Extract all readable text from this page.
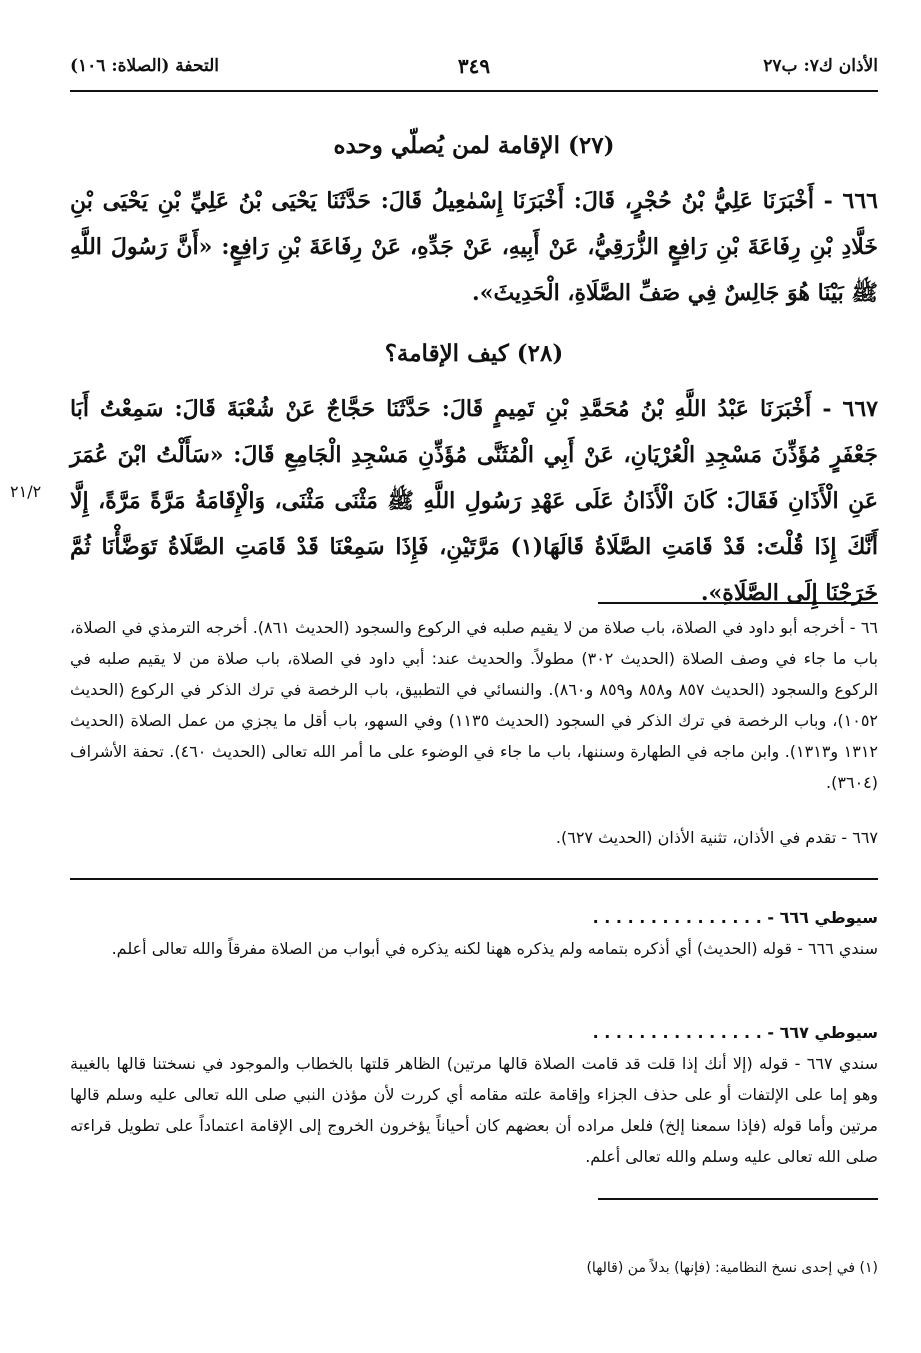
الأذان ك٧: ب٢٧
٣٤٩
التحفة (الصلاة: ١٠٦)
(٢٧) الإقامة لمن يُصلّي وحده

٦٦٦ - أَخْبَرَنَا عَلِيُّ بْنُ حُجْرٍ، قَالَ: أَخْبَرَنَا إِسْمٰعِيلُ قَالَ: حَدَّثَنَا يَحْيَى بْنُ عَلِيِّ بْنِ يَحْيَى بْنِ خَلَّادِ بْنِ رِفَاعَةَ بْنِ رَافِعٍ الزُّرَقِيُّ، عَنْ أَبِيهِ، عَنْ جَدِّهِ، عَنْ رِفَاعَةَ بْنِ رَافِعٍ: «أَنَّ رَسُولَ اللَّهِ ﷺ بَيْنَا هُوَ جَالِسٌ فِي صَفِّ الصَّلَاةِ، الْحَدِيثَ».

(٢٨) كيف الإقامة؟

٦٦٧ - أَخْبَرَنَا عَبْدُ اللَّهِ بْنُ مُحَمَّدِ بْنِ تَمِيمٍ قَالَ: حَدَّثَنَا حَجَّاجٌ عَنْ شُعْبَةَ قَالَ: سَمِعْتُ أَبَا جَعْفَرٍ مُؤَذِّنَ مَسْجِدِ الْعُرْيَانِ، عَنْ أَبِي الْمُثَنَّى مُؤَذِّنِ مَسْجِدِ الْجَامِعِ قَالَ: «سَأَلْتُ ابْنَ عُمَرَ عَنِ الْأَذَانِ فَقَالَ: كَانَ الْأَذَانُ عَلَى عَهْدِ رَسُولِ اللَّهِ ﷺ مَثْنَى مَثْنَى، وَالْإِقَامَةُ مَرَّةً مَرَّةً، إِلَّا أَنَّكَ إِذَا قُلْتَ: قَدْ قَامَتِ الصَّلَاةُ قَالَهَا(١) مَرَّتَيْنِ، فَإِذَا سَمِعْنَا قَدْ قَامَتِ الصَّلَاةُ تَوَضَّأْنَا ثُمَّ خَرَجْنَا إِلَى الصَّلَاةِ».

٢١/٢

٦٦ - أخرجه أبو داود في الصلاة، باب صلاة من لا يقيم صلبه في الركوع والسجود (الحديث ٨٦١). أخرجه الترمذي في الصلاة، باب ما جاء في وصف الصلاة (الحديث ٣٠٢) مطولاً. والحديث عند: أبي داود في الصلاة، باب صلاة من لا يقيم صلبه في الركوع والسجود (الحديث ٨٥٧ و٨٥٨ و٨٥٩ و٨٦٠). والنسائي في التطبيق، باب الرخصة في ترك الذكر في الركوع (الحديث ١٠٥٢)، وباب الرخصة في ترك الذكر في السجود (الحديث ١١٣٥) وفي السهو، باب أقل ما يجزي من عمل الصلاة (الحديث ١٣١٢ و١٣١٣). وابن ماجه في الطهارة وسننها، باب ما جاء في الوضوء على ما أمر الله تعالى (الحديث ٤٦٠). تحفة الأشراف (٣٦٠٤).

٦٦٧ - تقدم في الأذان، تثنية الأذان (الحديث ٦٢٧).

سيوطي ٦٦٦ - . . . . . . . . . . . . . . .

سندي ٦٦٦ - قوله (الحديث) أي أذكره بتمامه ولم يذكره ههنا لكنه يذكره في أبواب من الصلاة مفرقاً والله تعالى أعلم.

سيوطي ٦٦٧ - . . . . . . . . . . . . . . .

سندي ٦٦٧ - قوله (إلا أنك إذا قلت قد قامت الصلاة قالها مرتين) الظاهر قلتها بالخطاب والموجود في نسختنا قالها بالغيبة وهو إما على الإلتفات أو على حذف الجزاء وإقامة علته مقامه أي كررت لأن مؤذن النبي صلى الله تعالى عليه وسلم قالها مرتين وأما قوله (فإذا سمعنا إلخ) فلعل مراده أن بعضهم كان أحياناً يؤخرون الخروج إلى الإقامة اعتماداً على تطويل قراءته صلى الله تعالى عليه وسلم والله تعالى أعلم.

(١) في إحدى نسخ النظامية: (فإنها) بدلاً من (قالها)
